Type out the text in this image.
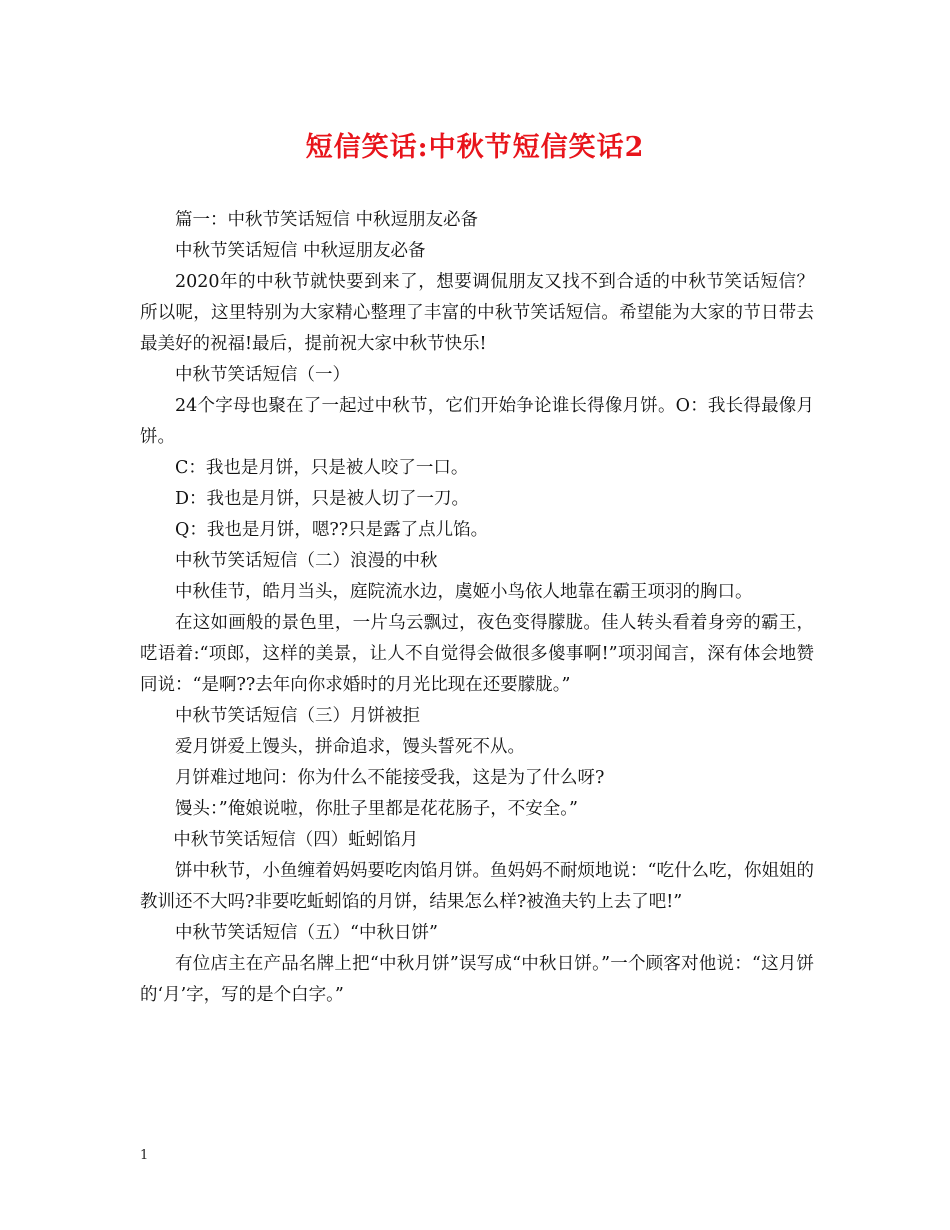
短信笑话:中秋节短信笑话2

篇一：中秋节笑话短信 中秋逗朋友必备

中秋节笑话短信 中秋逗朋友必备

2020年的中秋节就快要到来了，想要调侃朋友又找不到合适的中秋节笑话短信？所以呢，这里特别为大家精心整理了丰富的中秋节笑话短信。希望能为大家的节日带去最美好的祝福!最后，提前祝大家中秋节快乐!

中秋节笑话短信（一）

24个字母也聚在了一起过中秋节，它们开始争论谁长得像月饼。O：我长得最像月饼。

C：我也是月饼，只是被人咬了一口。

D：我也是月饼，只是被人切了一刀。

Q：我也是月饼，嗯??只是露了点儿馅。

中秋节笑话短信（二）浪漫的中秋

中秋佳节，皓月当头，庭院流水边，虞姬小鸟依人地靠在霸王项羽的胸口。

在这如画般的景色里，一片乌云飘过，夜色变得朦胧。佳人转头看着身旁的霸王，呓语着:“项郎，这样的美景，让人不自觉得会做很多傻事啊!”项羽闻言，深有体会地赞同说：“是啊??去年向你求婚时的月光比现在还要朦胧。”

中秋节笑话短信（三）月饼被拒

爱月饼爱上馒头，拼命追求，馒头誓死不从。

月饼难过地问：你为什么不能接受我，这是为了什么呀?

馒头：”俺娘说啦，你肚子里都是花花肠子，不安全。”

中秋节笑话短信（四）蚯蚓馅月

饼中秋节，小鱼缠着妈妈要吃肉馅月饼。鱼妈妈不耐烦地说：“吃什么吃，你姐姐的教训还不大吗?非要吃蚯蚓馅的月饼，结果怎么样?被渔夫钓上去了吧!”

中秋节笑话短信（五）“中秋日饼”

有位店主在产品名牌上把“中秋月饼”误写成“中秋日饼。”一个顾客对他说：“这月饼的‘月’字，写的是个白字。”

1
